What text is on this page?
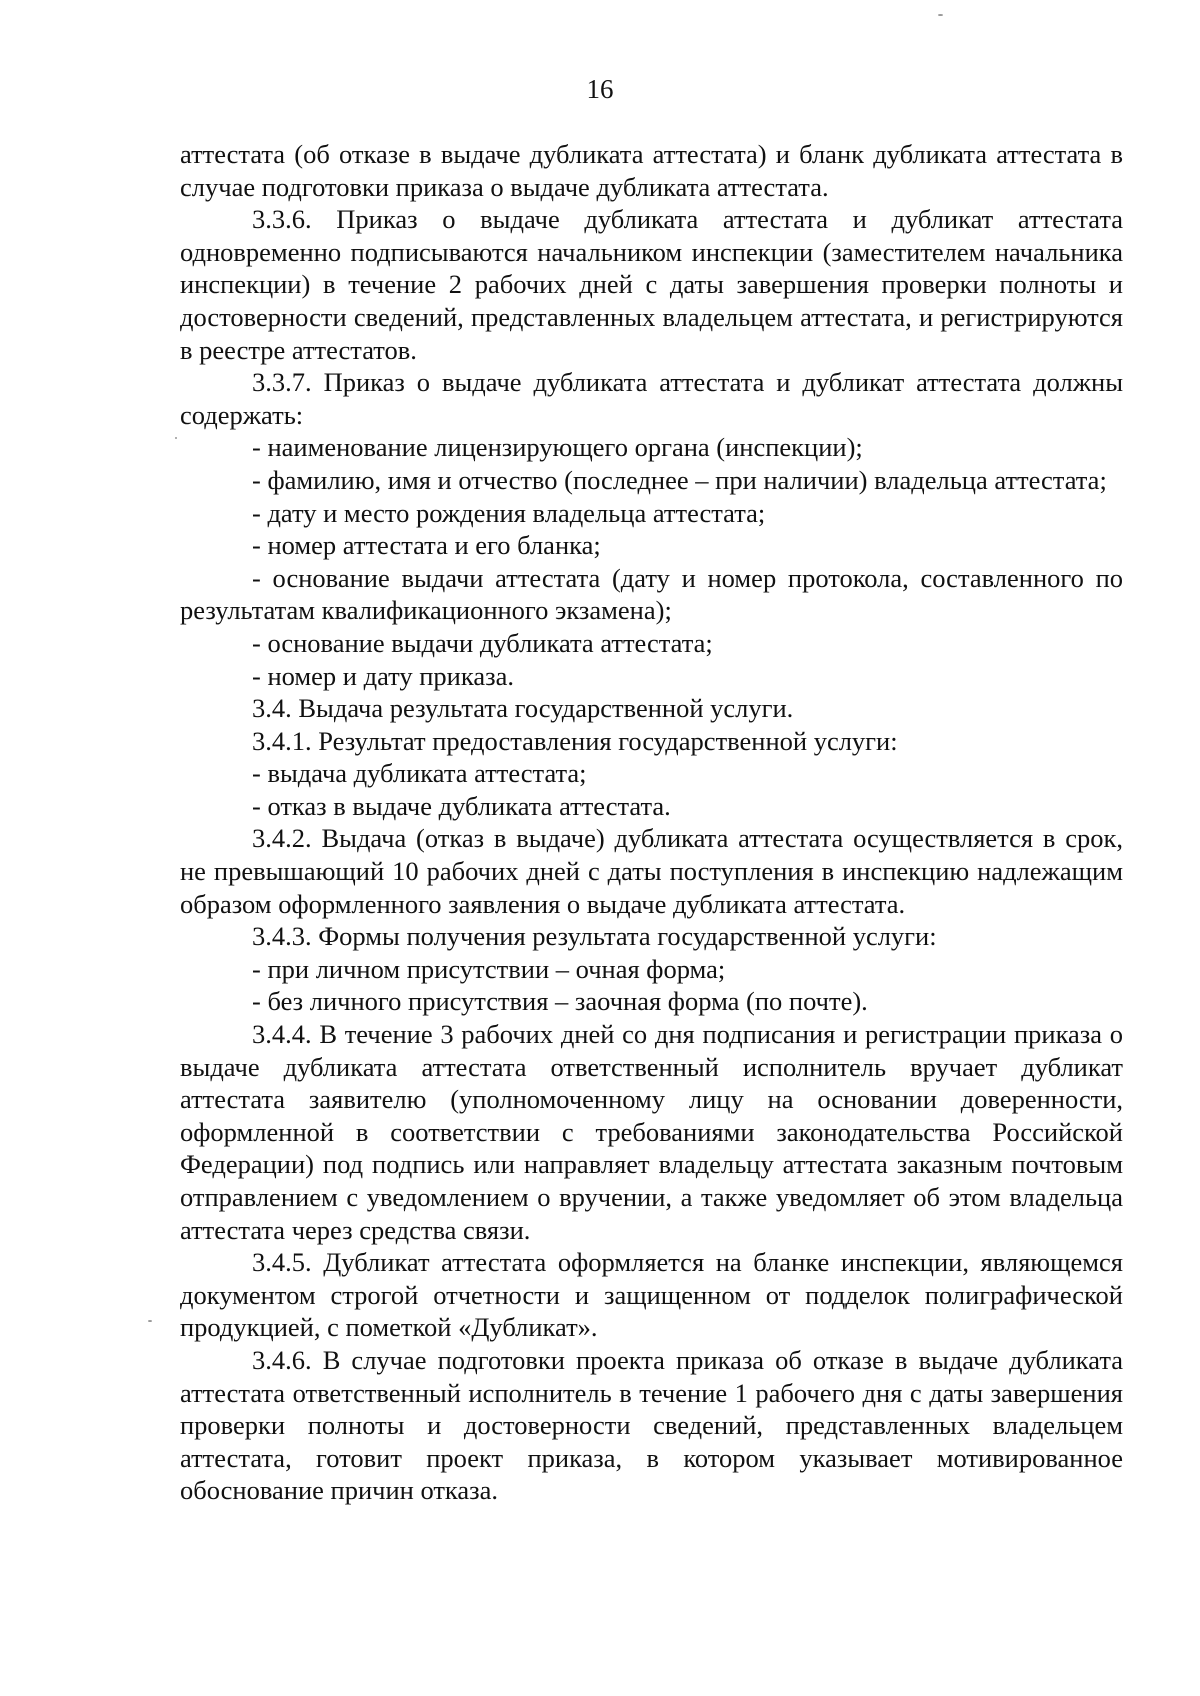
16

аттестата (об отказе в выдаче дубликата аттестата) и бланк дубликата аттестата в случае подготовки приказа о выдаче дубликата аттестата.

3.3.6. Приказ о выдаче дубликата аттестата и дубликат аттестата одновременно подписываются начальником инспекции (заместителем начальника инспекции) в течение 2 рабочих дней с даты завершения проверки полноты и достоверности сведений, представленных владельцем аттестата, и регистрируются в реестре аттестатов.

3.3.7. Приказ о выдаче дубликата аттестата и дубликат аттестата должны содержать:

- наименование лицензирующего органа (инспекции);

- фамилию, имя и отчество (последнее – при наличии) владельца аттестата;

- дату и место рождения владельца аттестата;

- номер аттестата и его бланка;

- основание выдачи аттестата (дату и номер протокола, составленного по результатам квалификационного экзамена);

- основание выдачи дубликата аттестата;

- номер и дату приказа.

3.4. Выдача результата государственной услуги.

3.4.1. Результат предоставления государственной услуги:

- выдача дубликата аттестата;

- отказ в выдаче дубликата аттестата.

3.4.2. Выдача (отказ в выдаче) дубликата аттестата осуществляется в срок, не превышающий 10 рабочих дней с даты поступления в инспекцию надлежащим образом оформленного заявления о выдаче дубликата аттестата.

3.4.3. Формы получения результата государственной услуги:

- при личном присутствии – очная форма;

- без личного присутствия – заочная форма (по почте).

3.4.4. В течение 3 рабочих дней со дня подписания и регистрации приказа о выдаче дубликата аттестата ответственный исполнитель вручает дубликат аттестата заявителю (уполномоченному лицу на основании доверенности, оформленной в соответствии с требованиями законодательства Российской Федерации) под подпись или направляет владельцу аттестата заказным почтовым отправлением с уведомлением о вручении, а также уведомляет об этом владельца аттестата через средства связи.

3.4.5. Дубликат аттестата оформляется на бланке инспекции, являющемся документом строгой отчетности и защищенном от подделок полиграфической продукцией, с пометкой «Дубликат».

3.4.6. В случае подготовки проекта приказа об отказе в выдаче дубликата аттестата ответственный исполнитель в течение 1 рабочего дня с даты завершения проверки полноты и достоверности сведений, представленных владельцем аттестата, готовит проект приказа, в котором указывает мотивированное обоснование причин отказа.
